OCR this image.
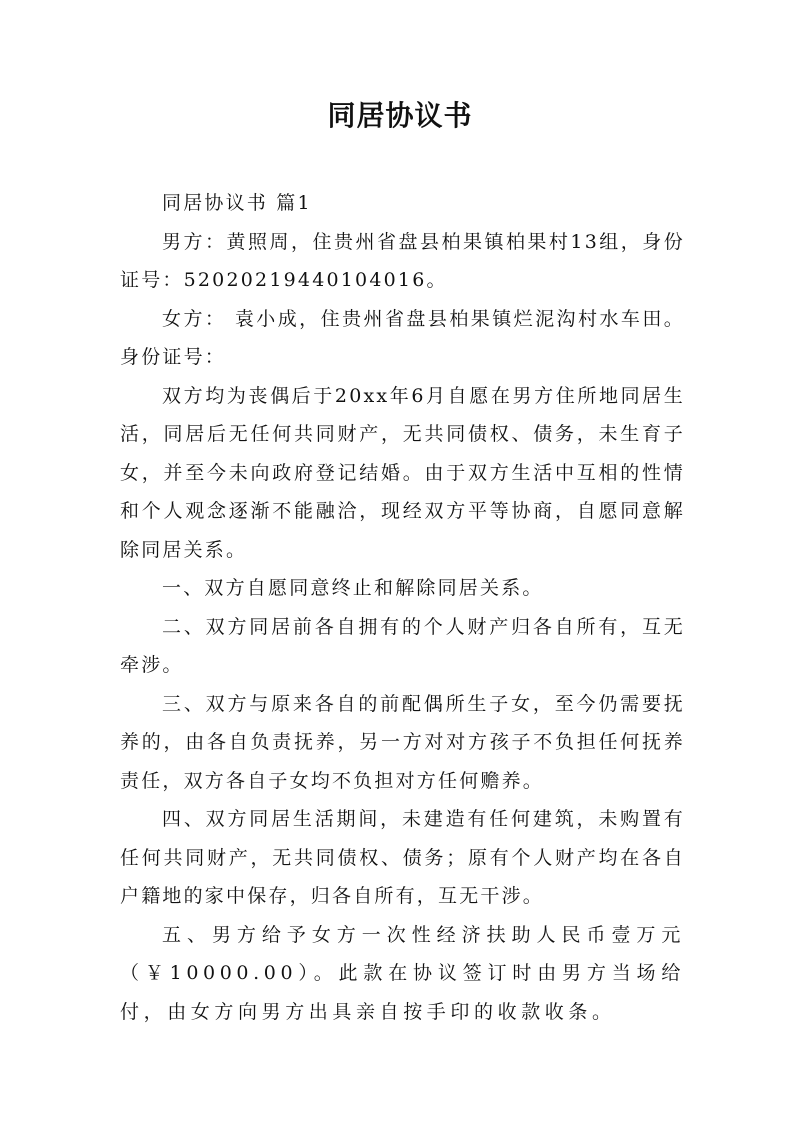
同居协议书

同居协议书 篇1

男方：黄照周，住贵州省盘县柏果镇柏果村13组，身份证号：52020219440104016。

女方： 袁小成，住贵州省盘县柏果镇烂泥沟村水车田。身份证号：

双方均为丧偶后于20xx年6月自愿在男方住所地同居生活，同居后无任何共同财产，无共同债权、债务，未生育子女，并至今未向政府登记结婚。由于双方生活中互相的性情和个人观念逐渐不能融洽，现经双方平等协商，自愿同意解除同居关系。

一、双方自愿同意终止和解除同居关系。

二、双方同居前各自拥有的个人财产归各自所有，互无牵涉。

三、双方与原来各自的前配偶所生子女，至今仍需要抚养的，由各自负责抚养，另一方对对方孩子不负担任何抚养责任，双方各自子女均不负担对方任何赡养。

四、双方同居生活期间，未建造有任何建筑，未购置有任何共同财产，无共同债权、债务；原有个人财产均在各自户籍地的家中保存，归各自所有，互无干涉。

五、男方给予女方一次性经济扶助人民币壹万元（￥10000.00）。此款在协议签订时由男方当场给付，由女方向男方出具亲自按手印的收款收条。
